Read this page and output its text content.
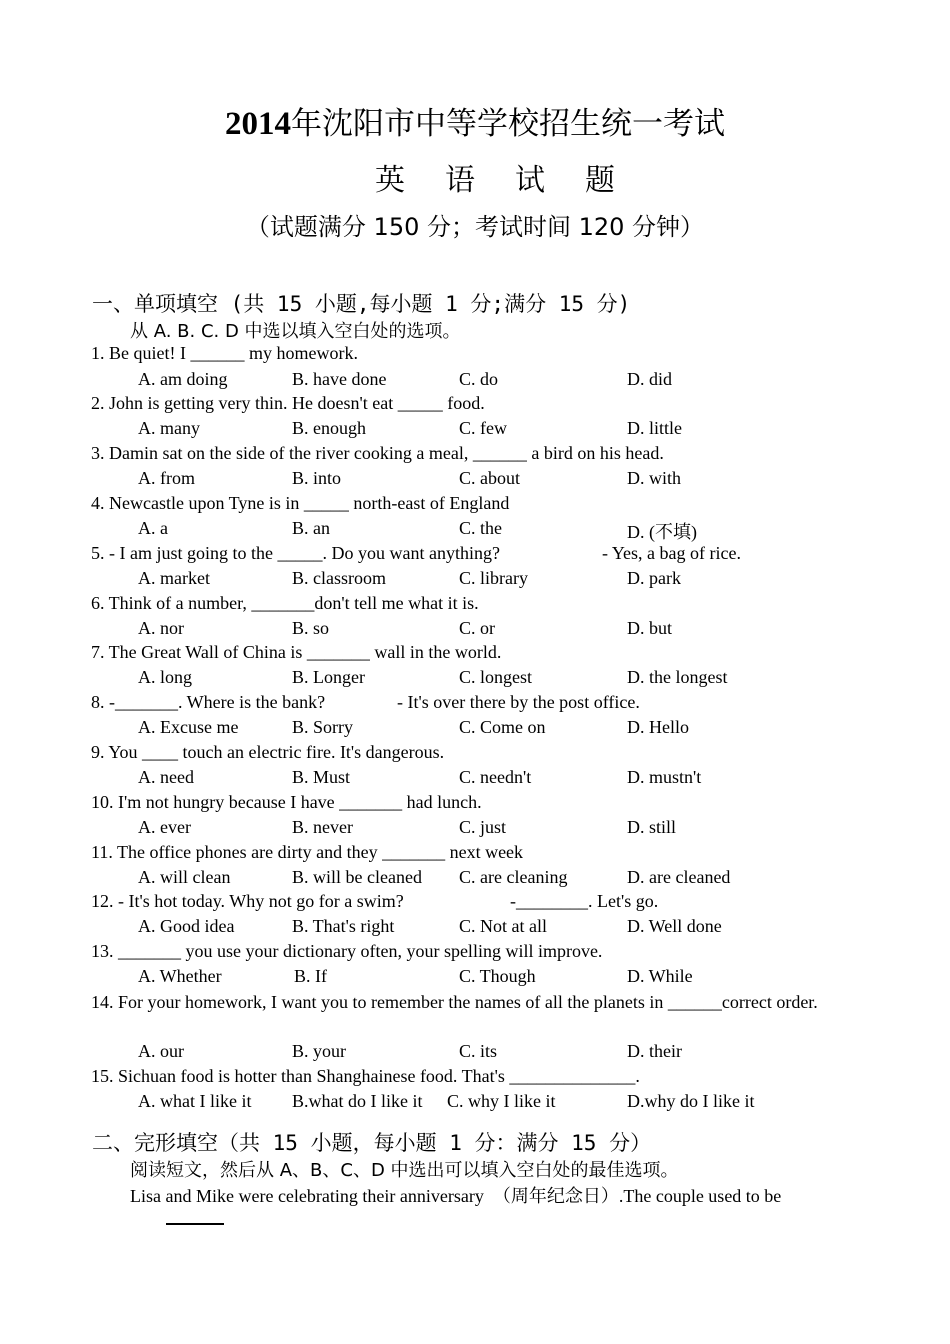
2014年沈阳市中等学校招生统一考试
英语试题
（试题满分 150 分；考试时间 120 分钟）
一、单项填空 (共 15 小题,每小题 1 分;满分 15 分)
从 A. B. C. D 中选以填入空白处的选项。
1. Be quiet! I ______ my homework.
A. am doing	B. have done	C. do	D. did
2. John is getting very thin. He doesn't eat _____ food.
A. many	B. enough	C. few	D. little
3. Damin sat on the side of the river cooking a meal, ______ a bird on his head.
A. from	B. into	C. about	D. with
4. Newcastle upon Tyne is in _____ north-east of England
A. a	B. an	C. the	D. (不填)
5. - I am just going to the _____. Do you want anything?	- Yes, a bag of rice.
A. market	B. classroom	C. library	D. park
6. Think of a number, _______don't tell me what it is.
A. nor	B. so	C. or	D. but
7. The Great Wall of China is _______ wall in the world.
A. long	B. Longer	C. longest	D. the longest
8. -_______. Where is the bank?	- It's over there by the post office.
A. Excuse me	B. Sorry	C. Come on	D. Hello
9. You ____ touch an electric fire. It's dangerous.
A. need	B. Must	C. needn't	D. mustn't
10. I'm not hungry because I have _______ had lunch.
A. ever	B. never	C. just	D. still
11. The office phones are dirty and they _______ next week
A. will clean	B. will be cleaned C. are cleaning	D. are cleaned
12. - It's hot today. Why not go for a swim?	-________. Let's go.
A. Good idea	B. That's right	C. Not at all	D. Well done
13. _______ you use your dictionary often, your spelling will improve.
A. Whether	B. If	C. Though	D. While
14. For your homework, I want you to remember the names of all the planets in ______correct order.
A. our	B. your	C. its	D. their
15. Sichuan food is hotter than Shanghainese food. That's ______________.
A. what I like it B.what do I like it C. why I like it	D.why do I like it
二、完形填空（共 15 小题，每小题 1 分：满分 15 分）
阅读短文，然后从 A、B、C、D 中选出可以填入空白处的最佳选项。
Lisa and Mike were celebrating their anniversary  （周年纪念日）.The couple used to be
